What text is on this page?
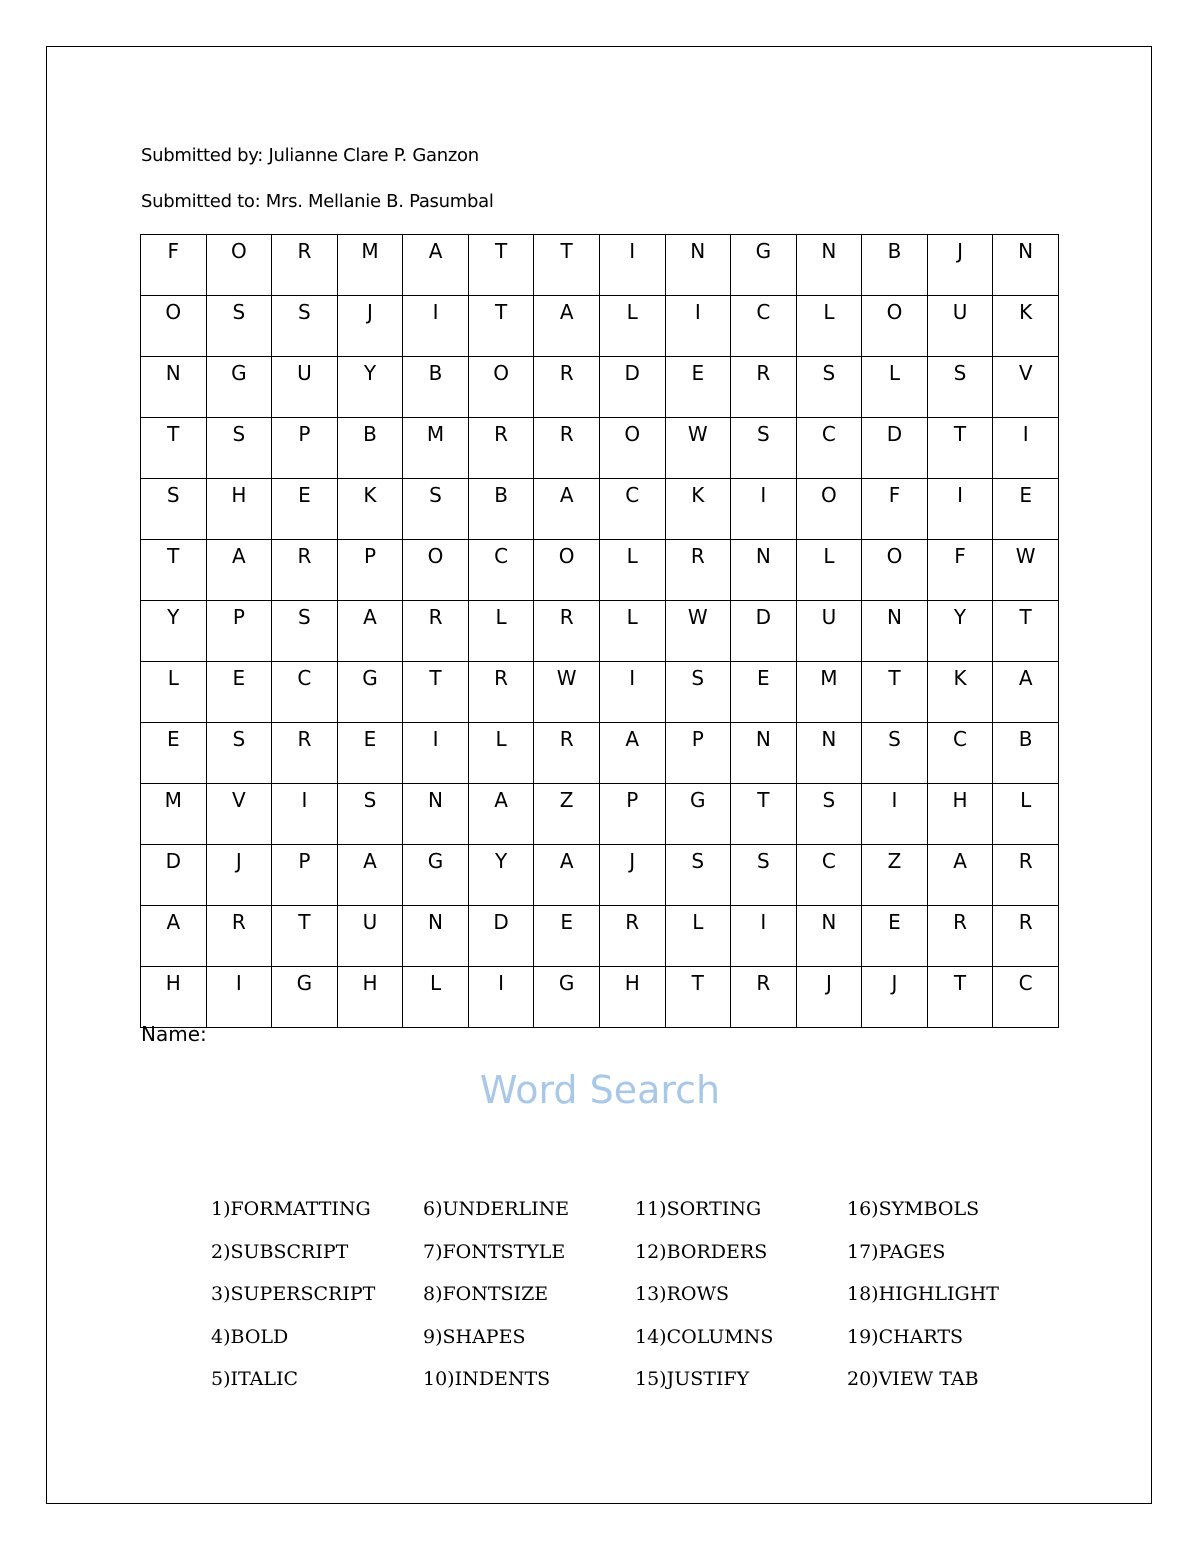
Submitted by: Julianne Clare P. Ganzon
Submitted to: Mrs. Mellanie B. Pasumbal
F	O	R	M	A	T	T	I	N	G	N	B	J	N
O	S	S	J	I	T	A	L	I	C	L	O	U	K
N	G	U	Y	B	O	R	D	E	R	S	L	S	V
T	S	P	B	M	R	R	O	W	S	C	D	T	I
S	H	E	K	S	B	A	C	K	I	O	F	I	E
T	A	R	P	O	C	O	L	R	N	L	O	F	W
Y	P	S	A	R	L	R	L	W	D	U	N	Y	T
L	E	C	G	T	R	W	I	S	E	M	T	K	A
E	S	R	E	I	L	R	A	P	N	N	S	C	B
M	V	I	S	N	A	Z	P	G	T	S	I	H	L
D	J	P	A	G	Y	A	J	S	S	C	Z	A	R
A	R	T	U	N	D	E	R	L	I	N	E	R	R
H	I	G	H	L	I	G	H	T	R	J	J	T	C
Name:
Word Search
1)FORMATTING	6)UNDERLINE	11)SORTING	16)SYMBOLS
2)SUBSCRIPT	7)FONTSTYLE	12)BORDERS	17)PAGES
3)SUPERSCRIPT	8)FONTSIZE	13)ROWS	18)HIGHLIGHT
4)BOLD	9)SHAPES	14)COLUMNS	19)CHARTS
5)ITALIC	10)INDENTS	15)JUSTIFY	20)VIEW TAB
